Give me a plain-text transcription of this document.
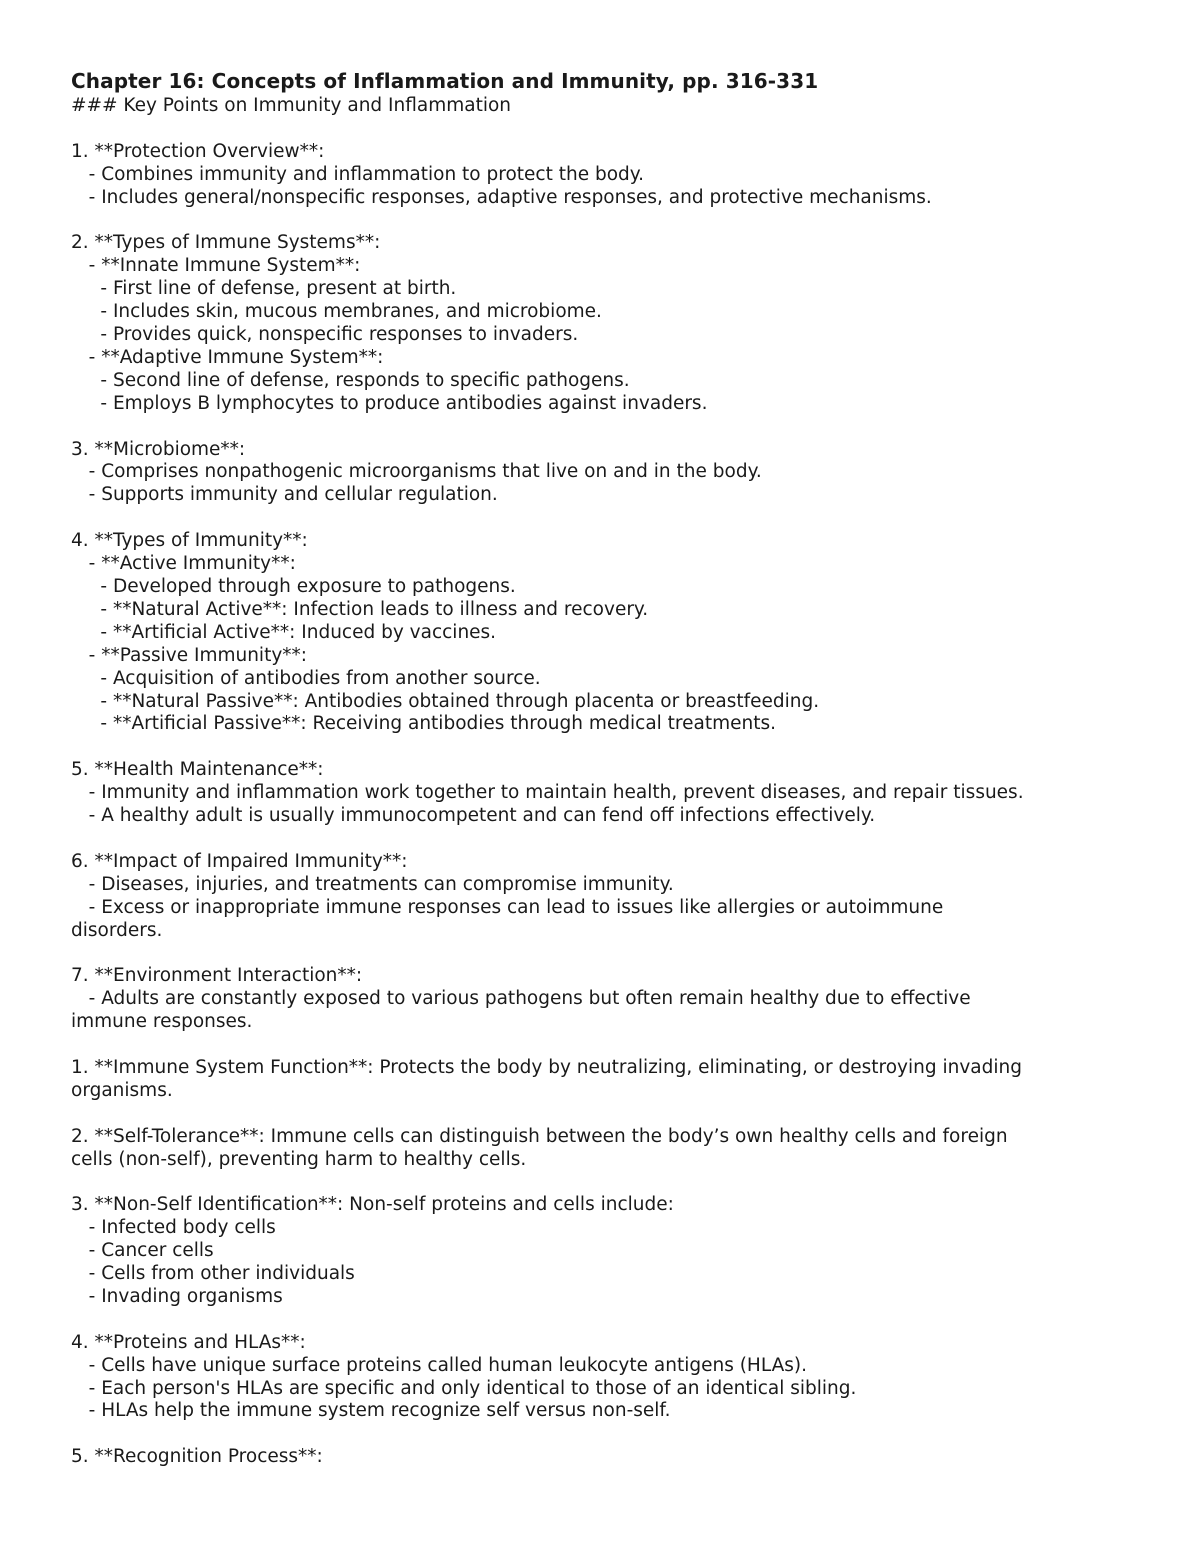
Chapter 16: Concepts of Inflammation and Immunity, pp. 316-331

### Key Points on Immunity and Inflammation

1. **Protection Overview**:

- Combines immunity and inflammation to protect the body.

- Includes general/nonspecific responses, adaptive responses, and protective mechanisms.

2. **Types of Immune Systems**:

- **Innate Immune System**:

- First line of defense, present at birth.

- Includes skin, mucous membranes, and microbiome.

- Provides quick, nonspecific responses to invaders.

- **Adaptive Immune System**:

- Second line of defense, responds to specific pathogens.

- Employs B lymphocytes to produce antibodies against invaders.

3. **Microbiome**:

- Comprises nonpathogenic microorganisms that live on and in the body.

- Supports immunity and cellular regulation.

4. **Types of Immunity**:

- **Active Immunity**:

- Developed through exposure to pathogens.

- **Natural Active**: Infection leads to illness and recovery.

- **Artificial Active**: Induced by vaccines.

- **Passive Immunity**:

- Acquisition of antibodies from another source.

- **Natural Passive**: Antibodies obtained through placenta or breastfeeding.

- **Artificial Passive**: Receiving antibodies through medical treatments.

5. **Health Maintenance**:

- Immunity and inflammation work together to maintain health, prevent diseases, and repair tissues.

- A healthy adult is usually immunocompetent and can fend off infections effectively.

6. **Impact of Impaired Immunity**:

- Diseases, injuries, and treatments can compromise immunity.

- Excess or inappropriate immune responses can lead to issues like allergies or autoimmune

disorders.

7. **Environment Interaction**:

- Adults are constantly exposed to various pathogens but often remain healthy due to effective

immune responses.

1. **Immune System Function**: Protects the body by neutralizing, eliminating, or destroying invading

organisms.

2. **Self-Tolerance**: Immune cells can distinguish between the body’s own healthy cells and foreign

cells (non-self), preventing harm to healthy cells.

3. **Non-Self Identification**: Non-self proteins and cells include:

- Infected body cells

- Cancer cells

- Cells from other individuals

- Invading organisms

4. **Proteins and HLAs**:

- Cells have unique surface proteins called human leukocyte antigens (HLAs).

- Each person's HLAs are specific and only identical to those of an identical sibling.

- HLAs help the immune system recognize self versus non-self.

5. **Recognition Process**:
